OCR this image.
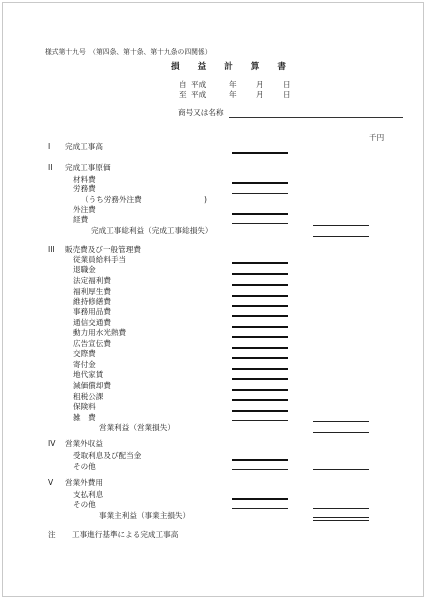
様式第十九号　（第四条、第十条、第十九条の四関係）
損益計算書
自 平成	年	月	日
至 平成	年	月	日
商号又は名称
千円
I 完成工事高
II 完成工事原価
材料費
労務費
（うち労務外注費	)
外注費
経費
完成工事総利益（完成工事総損失）
III 販売費及び一般管理費
従業員給料手当
退職金
法定福利費
福利厚生費
維持修繕費
事務用品費
通信交通費
動力用水光熱費
広告宣伝費
交際費
寄付金
地代家賃
減価償却費
租税公課
保険料
雑　費
営業利益（営業損失）
IV 営業外収益
受取利息及び配当金
その他
V 営業外費用
支払利息
その他
事業主利益（事業主損失）
注 工事進行基準による完成工事高
